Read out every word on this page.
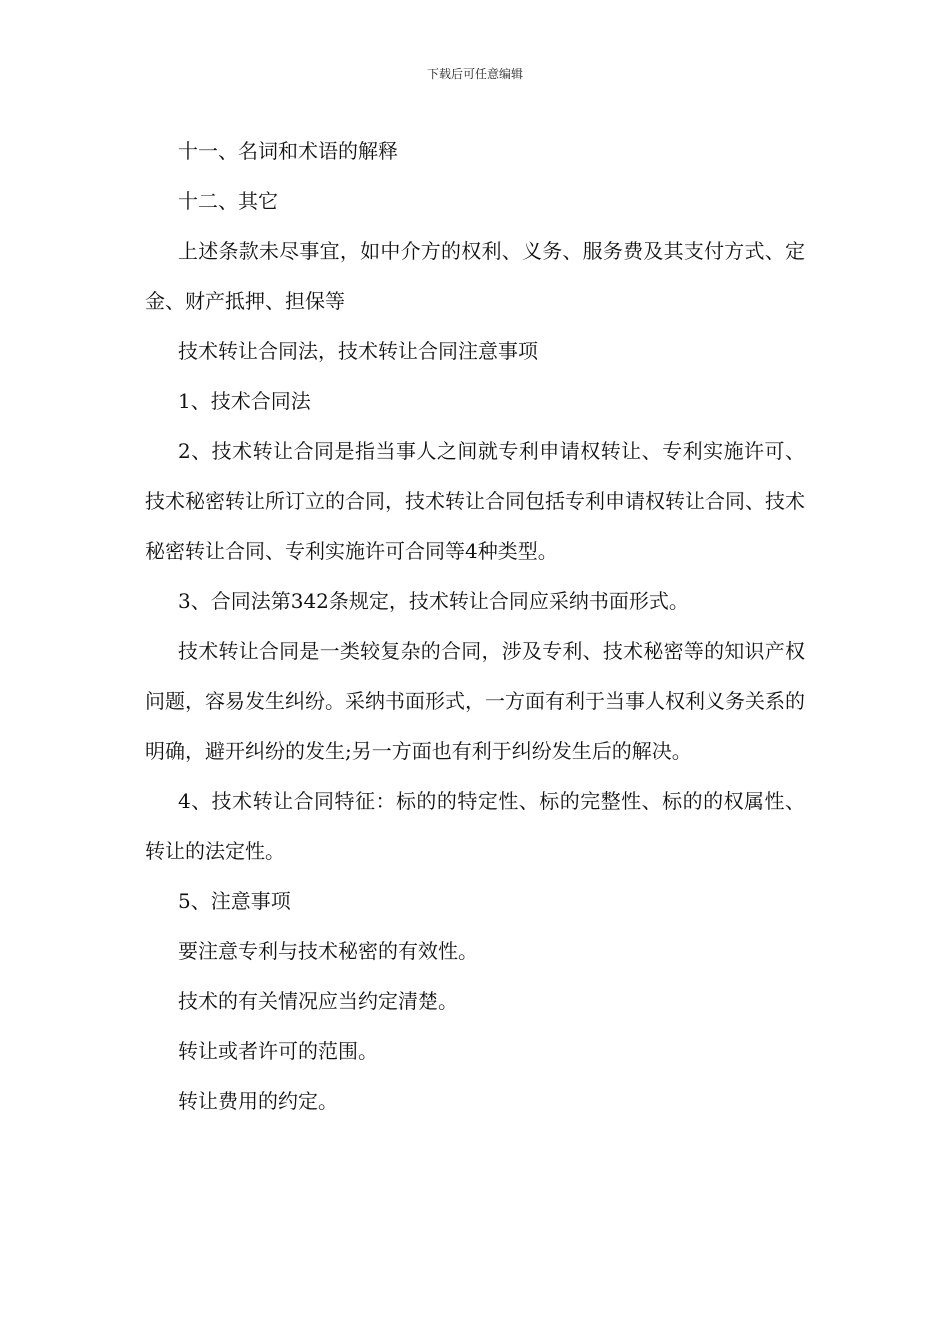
下载后可任意编辑

十一、名词和术语的解释

十二、其它

上述条款未尽事宜，如中介方的权利、义务、服务费及其支付方式、定金、财产抵押、担保等

技术转让合同法，技术转让合同注意事项

1、技术合同法

2、技术转让合同是指当事人之间就专利申请权转让、专利实施许可、技术秘密转让所订立的合同，技术转让合同包括专利申请权转让合同、技术秘密转让合同、专利实施许可合同等4种类型。

3、合同法第342条规定，技术转让合同应采纳书面形式。

技术转让合同是一类较复杂的合同，涉及专利、技术秘密等的知识产权问题，容易发生纠纷。采纳书面形式，一方面有利于当事人权利义务关系的明确，避开纠纷的发生;另一方面也有利于纠纷发生后的解决。

4、技术转让合同特征：标的的特定性、标的完整性、标的的权属性、转让的法定性。

5、注意事项

要注意专利与技术秘密的有效性。

技术的有关情况应当约定清楚。

转让或者许可的范围。

转让费用的约定。
